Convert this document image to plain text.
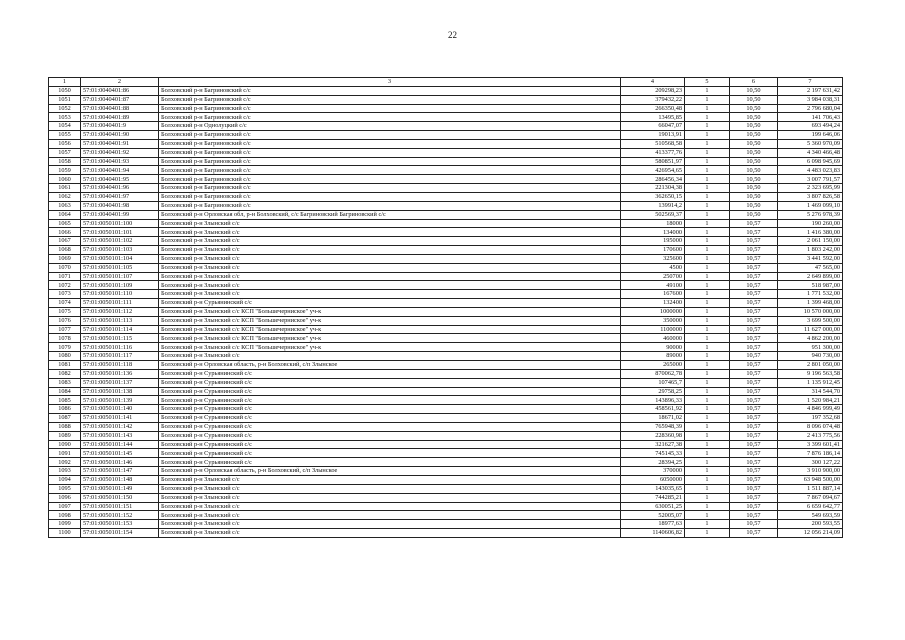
22
1	2	3	4	5	6	7
1050	57:01:0040401:86	Болховский р-н Багриновский с/с	209298,23	1	10,50	2 197 631,42
1051	57:01:0040401:87	Болховский р-н Багриновский с/с	379432,22	1	10,50	3 984 038,31
1052	57:01:0040401:88	Болховский р-н Багриновский с/с	266350,48	1	10,50	2 796 680,04
1053	57:01:0040401:89	Болховский р-н Багриновский с/с	13495,85	1	10,50	141 706,43
1054	57:01:0040401:9	Болховский р-н Однолуцкий с/с	66047,07	1	10,50	693 494,24
1055	57:01:0040401:90	Болховский р-н Багриновский с/с	19013,91	1	10,50	199 646,06
1056	57:01:0040401:91	Болховский р-н Багриновский с/с	510568,58	1	10,50	5 360 970,09
1057	57:01:0040401:92	Болховский р-н Багриновский с/с	413377,76	1	10,50	4 340 466,48
1058	57:01:0040401:93	Болховский р-н Багриновский с/с	580851,97	1	10,50	6 098 945,69
1059	57:01:0040401:94	Болховский р-н Багриновский с/с	426954,65	1	10,50	4 483 023,83
1060	57:01:0040401:95	Болховский р-н Багриновский с/с	286456,34	1	10,50	3 007 791,57
1061	57:01:0040401:96	Болховский р-н Багриновский с/с	221304,38	1	10,50	2 323 695,99
1062	57:01:0040401:97	Болховский р-н Багриновский с/с	362650,15	1	10,50	3 807 826,58
1063	57:01:0040401:98	Болховский р-н Багриновский с/с	139914,2	1	10,50	1 469 099,10
1064	57:01:0040401:99	Болховский р-н Орловская обл, р-н Болховский, с/с Багриновский Багриновский с/с	502569,37	1	10,50	5 276 978,39
1065	57:01:0050101:100	Болховский р-н Злынский с/с	18000	1	10,57	190 260,00
1066	57:01:0050101:101	Болховский р-н Злынский с/с	134000	1	10,57	1 416 380,00
1067	57:01:0050101:102	Болховский р-н Злынский с/с	195000	1	10,57	2 061 150,00
1068	57:01:0050101:103	Болховский р-н Злынский с/с	170600	1	10,57	1 803 242,00
1069	57:01:0050101:104	Болховский р-н Злынский с/с	325600	1	10,57	3 441 592,00
1070	57:01:0050101:105	Болховский р-н Злынский с/с	4500	1	10,57	47 565,00
1071	57:01:0050101:107	Болховский р-н Злынский с/с	250700	1	10,57	2 649 899,00
1072	57:01:0050101:109	Болховский р-н Злынский с/с	49100	1	10,57	518 987,00
1073	57:01:0050101:110	Болховский р-н Злынский с/с	167600	1	10,57	1 771 532,00
1074	57:01:0050101:111	Болховский р-н Сурьянинский с/с	132400	1	10,57	1 399 468,00
1075	57:01:0050101:112	Болховский р-н Злынский с/с КСП "Большечерниское" уч-к	1000000	1	10,57	10 570 000,00
1076	57:01:0050101:113	Болховский р-н Злынский с/с КСП "Большечерниское" уч-к	350000	1	10,57	3 699 500,00
1077	57:01:0050101:114	Болховский р-н Злынский с/с КСП "Большечерниское" уч-к	1100000	1	10,57	11 627 000,00
1078	57:01:0050101:115	Болховский р-н Злынский с/с КСП "Большечерниское" уч-к	460000	1	10,57	4 862 200,00
1079	57:01:0050101:116	Болховский р-н Злынский с/с КСП "Большечерниское" уч-к	90000	1	10,57	951 300,00
1080	57:01:0050101:117	Болховский р-н Злынский с/с	89000	1	10,57	940 730,00
1081	57:01:0050101:118	Болховский р-н Орловская область, р-н Болховский, с/п Злынское	265000	1	10,57	2 801 050,00
1082	57:01:0050101:136	Болховский р-н Сурьянинский с/с	870062,78	1	10,57	9 196 563,58
1083	57:01:0050101:137	Болховский р-н Сурьянинский с/с	107465,7	1	10,57	1 135 912,45
1084	57:01:0050101:138	Болховский р-н Сурьянинский с/с	29758,25	1	10,57	314 544,70
1085	57:01:0050101:139	Болховский р-н Сурьянинский с/с	143896,33	1	10,57	1 520 984,21
1086	57:01:0050101:140	Болховский р-н Сурьянинский с/с	458561,92	1	10,57	4 846 999,49
1087	57:01:0050101:141	Болховский р-н Сурьянинский с/с	18671,02	1	10,57	197 352,68
1088	57:01:0050101:142	Болховский р-н Сурьянинский с/с	765948,39	1	10,57	8 096 074,48
1089	57:01:0050101:143	Болховский р-н Сурьянинский с/с	228360,98	1	10,57	2 413 775,56
1090	57:01:0050101:144	Болховский р-н Сурьянинский с/с	321627,38	1	10,57	3 399 601,41
1091	57:01:0050101:145	Болховский р-н Сурьянинский с/с	745145,33	1	10,57	7 876 186,14
1092	57:01:0050101:146	Болховский р-н Сурьянинский с/с	28394,25	1	10,57	300 127,22
1093	57:01:0050101:147	Болховский р-н Орловская область, р-н Болховский, с/п Злынское	370000	1	10,57	3 910 900,00
1094	57:01:0050101:148	Болховский р-н Злынский с/с	6050000	1	10,57	63 948 500,00
1095	57:01:0050101:149	Болховский р-н Злынский с/с	143035,65	1	10,57	1 511 887,14
1096	57:01:0050101:150	Болховский р-н Злынский с/с	744285,21	1	10,57	7 867 094,67
1097	57:01:0050101:151	Болховский р-н Злынский с/с	630051,25	1	10,57	6 659 642,77
1098	57:01:0050101:152	Болховский р-н Злынский с/с	52005,07	1	10,57	549 693,59
1099	57:01:0050101:153	Болховский р-н Злынский с/с	18977,63	1	10,57	200 593,55
1100	57:01:0050101:154	Болховский р-н Злынский с/с	1140606,82	1	10,57	12 056 214,09
